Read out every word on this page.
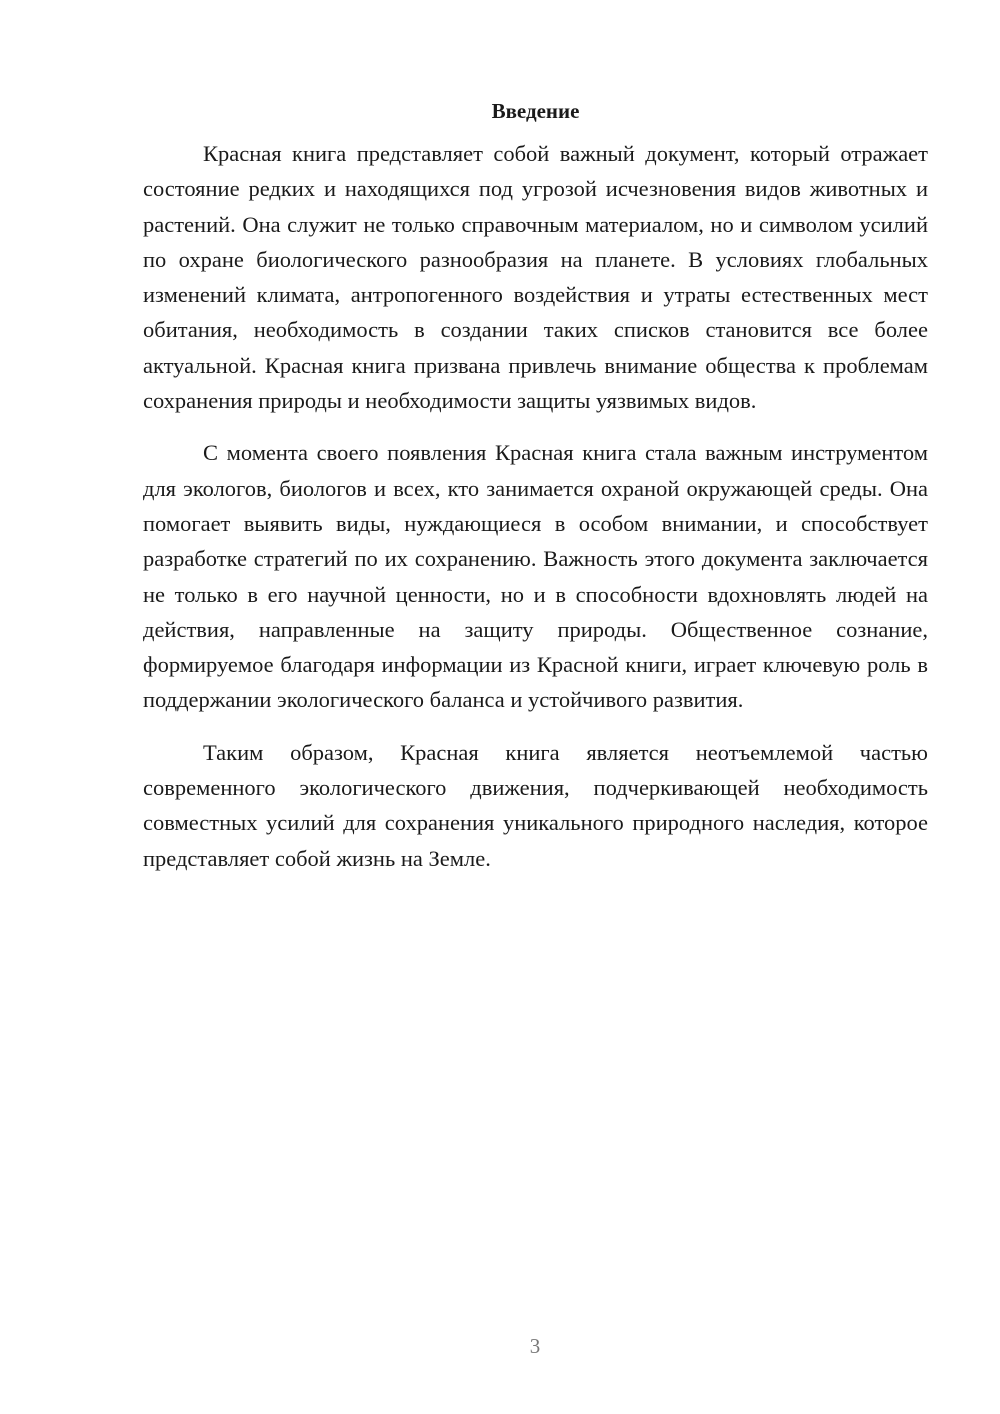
Введение

Красная книга представляет собой важный документ, который отражает состояние редких и находящихся под угрозой исчезновения видов животных и растений. Она служит не только справочным материалом, но и символом усилий по охране биологического разнообразия на планете. В условиях глобальных изменений климата, антропогенного воздействия и утраты естественных мест обитания, необходимость в создании таких списков становится все более актуальной. Красная книга призвана привлечь внимание общества к проблемам сохранения природы и необходимости защиты уязвимых видов.

С момента своего появления Красная книга стала важным инструментом для экологов, биологов и всех, кто занимается охраной окружающей среды. Она помогает выявить виды, нуждающиеся в особом внимании, и способствует разработке стратегий по их сохранению. Важность этого документа заключается не только в его научной ценности, но и в способности вдохновлять людей на действия, направленные на защиту природы. Общественное сознание, формируемое благодаря информации из Красной книги, играет ключевую роль в поддержании экологического баланса и устойчивого развития.

Таким образом, Красная книга является неотъемлемой частью современного экологического движения, подчеркивающей необходимость совместных усилий для сохранения уникального природного наследия, которое представляет собой жизнь на Земле.

3
